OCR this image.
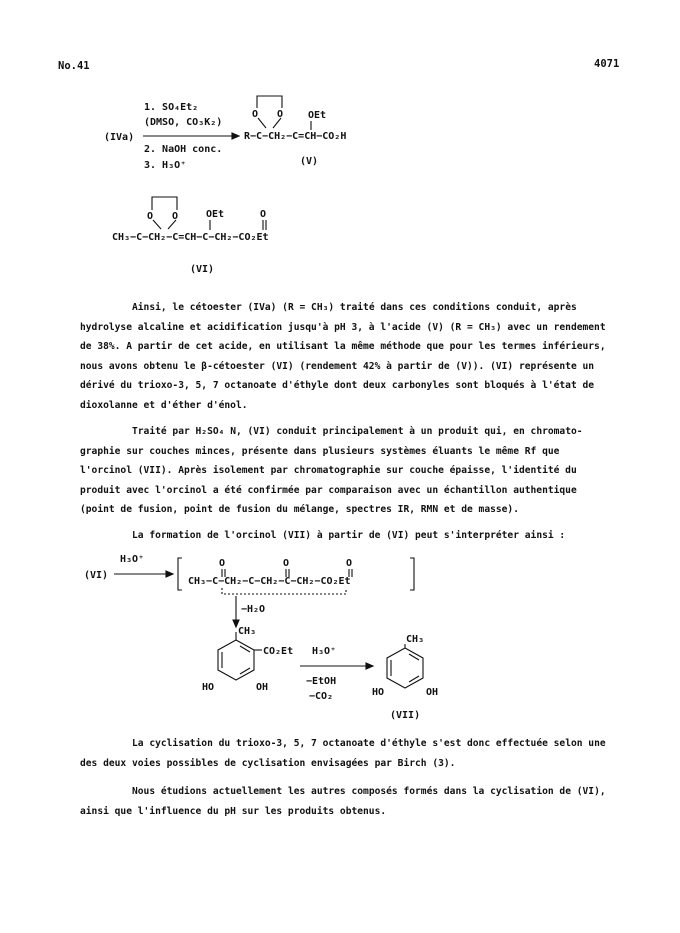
No.41	4071
1. SO₄Et₂
(DMSO, CO₃K₂)
(IVa)
2. NaOH conc.
3. H₃O⁺
O O OEt
R−C−CH₂−C=CH−CO₂H
(V)
O O	OEt	O
CH₃−C−CH₂−C=CH−C−CH₂−CO₂Et
(VI)
Ainsi, le cétoester (IVa) (R = CH₃) traité dans ces conditions conduit, après
hydrolyse alcaline et acidification jusqu'à pH 3, à l'acide (V) (R = CH₃) avec un rendement
de 38%. A partir de cet acide, en utilisant la même méthode que pour les termes inférieurs,
nous avons obtenu le β-cétoester (VI) (rendement 42% à partir de (V)). (VI) représente un
dérivé du trioxo-3, 5, 7 octanoate d'éthyle dont deux carbonyles sont bloqués à l'état de
dioxolanne et d'éther d'énol.
Traité par H₂SO₄ N, (VI) conduit principalement à un produit qui, en chromato-
graphie sur couches minces, présente dans plusieurs systèmes éluants le même Rf que
l'orcinol (VII). Après isolement par chromatographie sur couche épaisse, l'identité du
produit avec l'orcinol a été confirmée par comparaison avec un échantillon authentique
(point de fusion, point de fusion du mélange, spectres IR, RMN et de masse).
La formation de l'orcinol (VII) à partir de (VI) peut s'interpréter ainsi :
(VI)
H₃O⁺	O	O	O
CH₃−C−CH₂−C−CH₂−C−CH₂−CO₂Et
−H₂O
CH₃
CO₂Et
HO	OH
H₃O⁺
−EtOH
−CO₂
CH₃
HO	OH
(VII)
La cyclisation du trioxo-3, 5, 7 octanoate d'éthyle s'est donc effectuée selon une
des deux voies possibles de cyclisation envisagées par Birch (3).
Nous étudions actuellement les autres composés formés dans la cyclisation de (VI),
ainsi que l'influence du pH sur les produits obtenus.
